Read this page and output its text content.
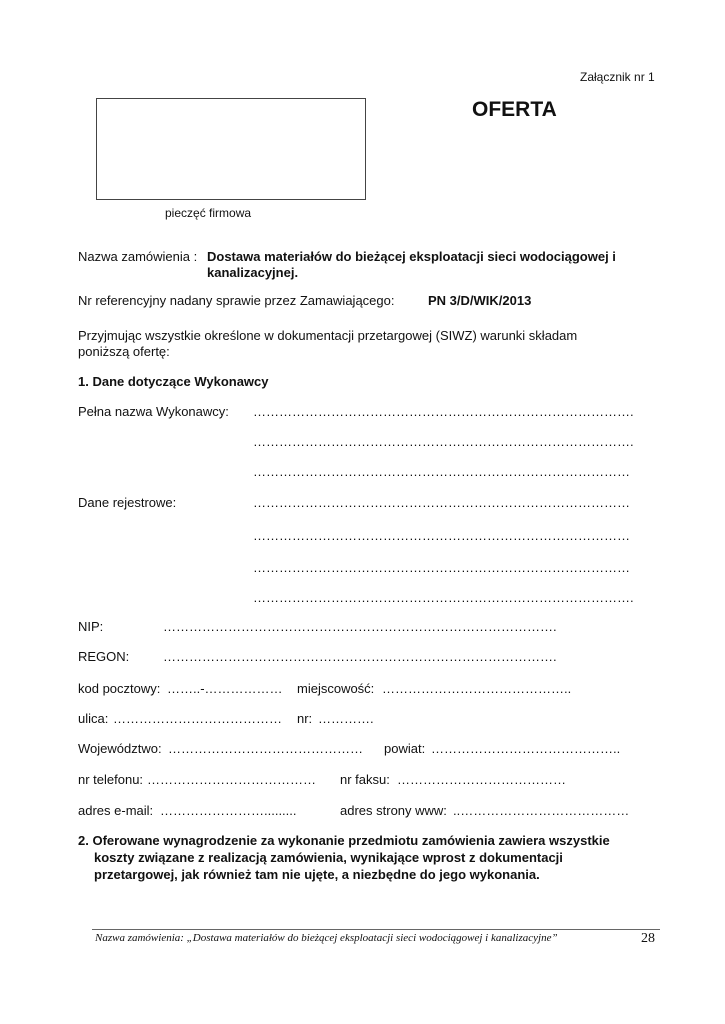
Załącznik nr 1
OFERTA
pieczęć firmowa
Nazwa zamówienia : Dostawa materiałów do bieżącej eksploatacji sieci wodociągowej i
kanalizacyjnej.
Nr referencyjny nadany sprawie przez Zamawiającego:	PN 3/D/WIK/2013
Przyjmując wszystkie określone w dokumentacji przetargowej (SIWZ) warunki składam
poniższą ofertę:
1. Dane dotyczące Wykonawcy
Pełna nazwa Wykonawcy: …………………………………………………………………………….
…………………………………………………………………………….
……………………………………………………………………………
Dane rejestrowe:	……………………………………………………………………………
……………………………………………………………………………
……………………………………………………………………………
…………………………………………………………………………….
NIP:	……………………………………………………………………………….
REGON:	……………………………………………………………………………….
kod pocztowy: ……..-……………… miejscowość: ……………………………………..
ulica: ………………………………… nr: ………….
Województwo: ……………………………………… powiat: ……………………………………..
nr telefonu: ………………………………… nr faksu: …………………………………
adres e-mail: …………………….........	adres strony www: ..…………………………………
2. Oferowane wynagrodzenie za wykonanie przedmiotu zamówienia zawiera wszystkie
koszty związane z realizacją zamówienia, wynikające wprost z dokumentacji
przetargowej, jak również tam nie ujęte, a niezbędne do jego wykonania.
Nazwa zamówienia: „Dostawa materiałów do bieżącej eksploatacji sieci wodociągowej i kanalizacyjne”	28
